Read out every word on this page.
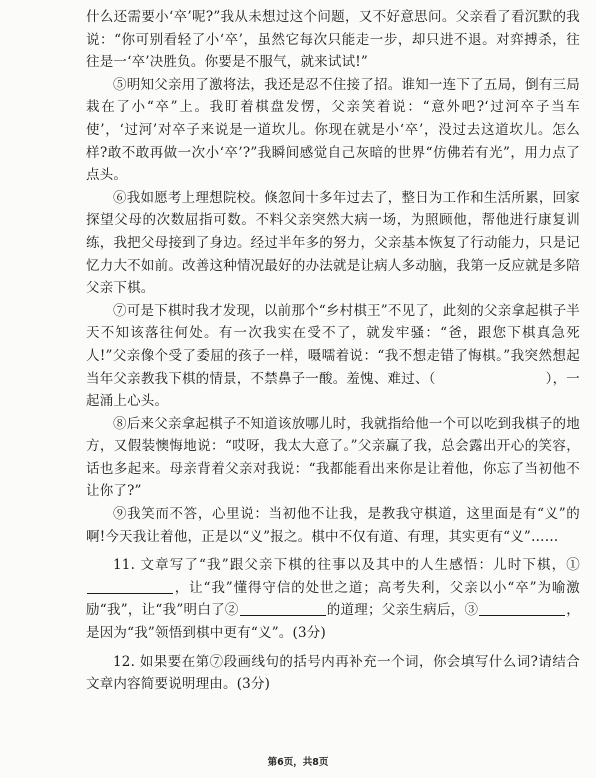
什么还需要小‘卒’呢?”我从未想过这个问题，又不好意思问。父亲看了看沉默的我说：“你可别看轻了小‘卒’，虽然它每次只能走一步，却只进不退。对弈搏杀，往往是一‘卒’决胜负。你要是不服气，就来试试!”

⑤明知父亲用了激将法，我还是忍不住接了招。谁知一连下了五局，倒有三局栽在了小“卒”上。我盯着棋盘发愣，父亲笑着说：“意外吧?‘过河卒子当车使’，‘过河’对卒子来说是一道坎儿。你现在就是小‘卒’，没过去这道坎儿。怎么样?敢不敢再做一次小‘卒’?”我瞬间感觉自己灰暗的世界“仿佛若有光”，用力点了点头。

⑥我如愿考上理想院校。倏忽间十多年过去了，整日为工作和生活所累，回家探望父母的次数屈指可数。不料父亲突然大病一场，为照顾他，帮他进行康复训练，我把父母接到了身边。经过半年多的努力，父亲基本恢复了行动能力，只是记忆力大不如前。改善这种情况最好的办法就是让病人多动脑，我第一反应就是多陪父亲下棋。

⑦可是下棋时我才发现，以前那个“乡村棋王”不见了，此刻的父亲拿起棋子半天不知该落往何处。有一次我实在受不了，就发牢骚：“爸，跟您下棋真急死人!”父亲像个受了委屈的孩子一样，嗫嚅着说：“我不想走错了悔棋。”我突然想起当年父亲教我下棋的情景，不禁鼻子一酸。羞愧、难过、（	），一起涌上心头。

⑧后来父亲拿起棋子不知道该放哪儿时，我就指给他一个可以吃到我棋子的地方，又假装懊悔地说：“哎呀，我太大意了。”父亲赢了我，总会露出开心的笑容，话也多起来。母亲背着父亲对我说：“我都能看出来你是让着他，你忘了当初他不让你了?”

⑨我笑而不答，心里说：当初他不让我，是教我守棋道，这里面是有“义”的啊!今天我让着他，正是以“义”报之。棋中不仅有道、有理，其实更有“义”……

11. 文章写了“我”跟父亲下棋的往事以及其中的人生感悟：儿时下棋，①，让“我”懂得守信的处世之道；高考失利，父亲以小“卒”为喻激励“我”，让“我”明白了②	的道理；父亲生病后，③	，是因为“我”领悟到棋中更有“义”。(3分)

12. 如果要在第⑦段画线句的括号内再补充一个词，你会填写什么词?请结合文章内容简要说明理由。(3分)

第6页，共8页
